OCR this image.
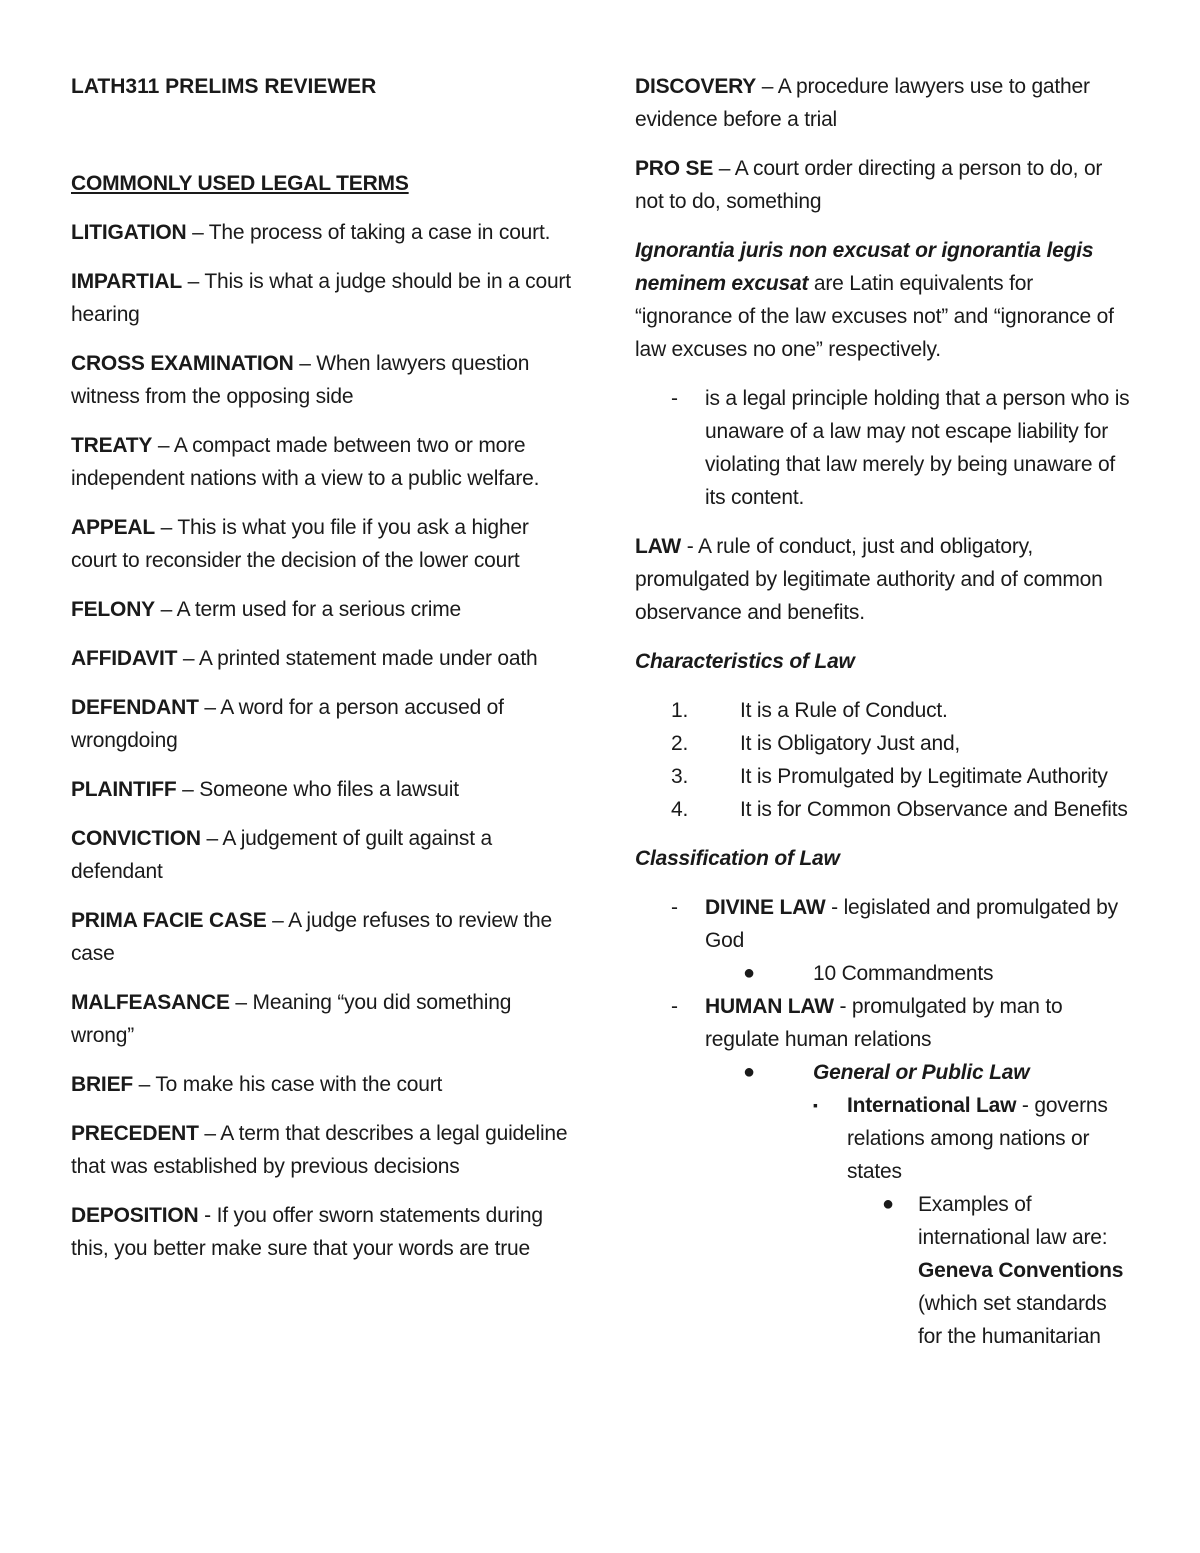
LATH311 PRELIMS REVIEWER
COMMONLY USED LEGAL TERMS
LITIGATION – The process of taking a case in court.
IMPARTIAL – This is what a judge should be in a court hearing
CROSS EXAMINATION – When lawyers question witness from the opposing side
TREATY – A compact made between two or more independent nations with a view to a public welfare.
APPEAL – This is what you file if you ask a higher court to reconsider the decision of the lower court
FELONY – A term used for a serious crime
AFFIDAVIT – A printed statement made under oath
DEFENDANT – A word for a person accused of wrongdoing
PLAINTIFF – Someone who files a lawsuit
CONVICTION – A judgement of guilt against a defendant
PRIMA FACIE CASE – A judge refuses to review the case
MALFEASANCE – Meaning “you did something wrong”
BRIEF – To make his case with the court
PRECEDENT – A term that describes a legal guideline that was established by previous decisions
DEPOSITION - If you offer sworn statements during this, you better make sure that your words are true

DISCOVERY – A procedure lawyers use to gather evidence before a trial

PRO SE – A court order directing a person to do, or not to do, something

Ignorantia juris non excusat or ignorantia legis neminem excusat are Latin equivalents for “ignorance of the law excuses not” and “ignorance of law excuses no one” respectively.

- is a legal principle holding that a person who is unaware of a law may not escape liability for violating that law merely by being unaware of its content.

LAW - A rule of conduct, just and obligatory, promulgated by legitimate authority and of common observance and benefits.

Characteristics of Law

1. It is a Rule of Conduct.
2. It is Obligatory Just and,
3. It is Promulgated by Legitimate Authority
4. It is for Common Observance and Benefits

Classification of Law

- DIVINE LAW - legislated and promulgated by God
●	10 Commandments
- HUMAN LAW - promulgated by man to regulate human relations
●	General or Public Law
▪ International Law - governs relations among nations or states
● Examples of international law are: Geneva Conventions (which set standards for the humanitarian
